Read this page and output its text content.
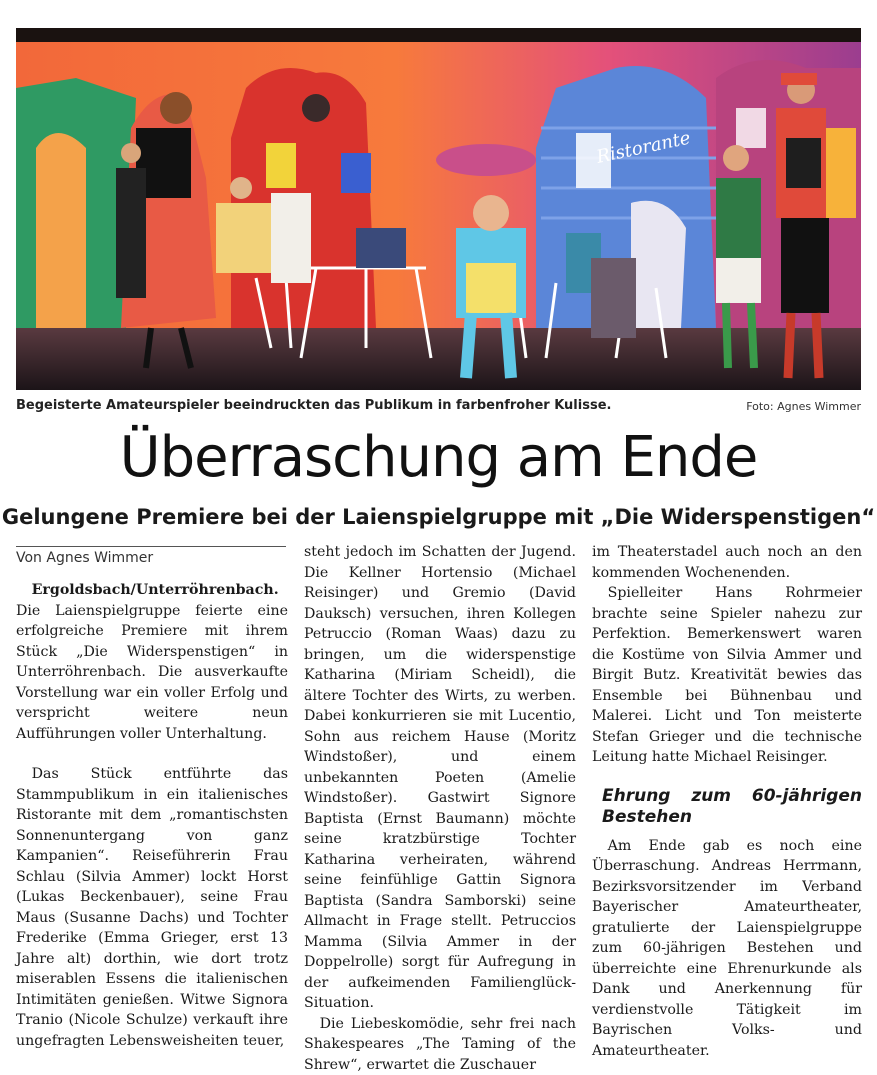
Ristorante
Begeisterte Amateurspieler beeindruckten das Publikum in farbenfroher Kulisse.	Foto: Agnes Wimmer
Überraschung am Ende
Gelungene Premiere bei der Laienspielgruppe mit „Die Widerspenstigen“
Von Agnes Wimmer

Ergoldsbach/Unterröhrenbach.

Die Laienspielgruppe feierte eine erfolgreiche Premiere mit ihrem Stück „Die Widerspenstigen“ in Unterröhrenbach. Die ausverkaufte Vorstellung war ein voller Erfolg und verspricht weitere neun Aufführungen voller Unterhaltung.

Das Stück entführte das Stammpublikum in ein italienisches Ristorante mit dem „romantischsten Sonnenuntergang von ganz Kampanien“. Reiseführerin Frau Schlau (Silvia Ammer) lockt Horst (Lukas Beckenbauer), seine Frau Maus (Susanne Dachs) und Tochter Frederike (Emma Grieger, erst 13 Jahre alt) dorthin, wie dort trotz miserablen Essens die italienischen Intimitäten genießen. Witwe Signora Tranio (Nicole Schulze) verkauft ihre ungefragten Lebensweisheiten teuer,

steht jedoch im Schatten der Jugend. Die Kellner Hortensio (Michael Reisinger) und Gremio (David Dauksch) versuchen, ihren Kollegen Petruccio (Roman Waas) dazu zu bringen, um die widerspenstige Katharina (Miriam Scheidl), die ältere Tochter des Wirts, zu werben. Dabei konkurrieren sie mit Lucentio, Sohn aus reichem Hause (Moritz Windstoßer), und einem unbekannten Poeten (Amelie Windstoßer). Gastwirt Signore Baptista (Ernst Baumann) möchte seine kratzbürstige Tochter Katharina verheiraten, während seine feinfühlige Gattin Signora Baptista (Sandra Samborski) seine Allmacht in Frage stellt. Petruccios Mamma (Silvia Ammer in der Doppelrolle) sorgt für Aufregung in der aufkeimenden Familienglück-Situation.

Die Liebeskomödie, sehr frei nach Shakespeares „The Taming of the Shrew“, erwartet die Zuschauer

im Theaterstadel auch noch an den kommenden Wochenenden.

Spielleiter Hans Rohrmeier brachte seine Spieler nahezu zur Perfektion. Bemerkenswert waren die Kostüme von Silvia Ammer und Birgit Butz. Kreativität bewies das Ensemble bei Bühnenbau und Malerei. Licht und Ton meisterte Stefan Grieger und die technische Leitung hatte Michael Reisinger.

Ehrung zum 60-jährigen Bestehen

Am Ende gab es noch eine Überraschung. Andreas Herrmann, Bezirksvorsitzender im Verband Bayerischer Amateurtheater, gratulierte der Laienspielgruppe zum 60-jährigen Bestehen und überreichte eine Ehrenurkunde als Dank und Anerkennung für verdienstvolle Tätigkeit im Bayrischen Volks- und Amateurtheater.
